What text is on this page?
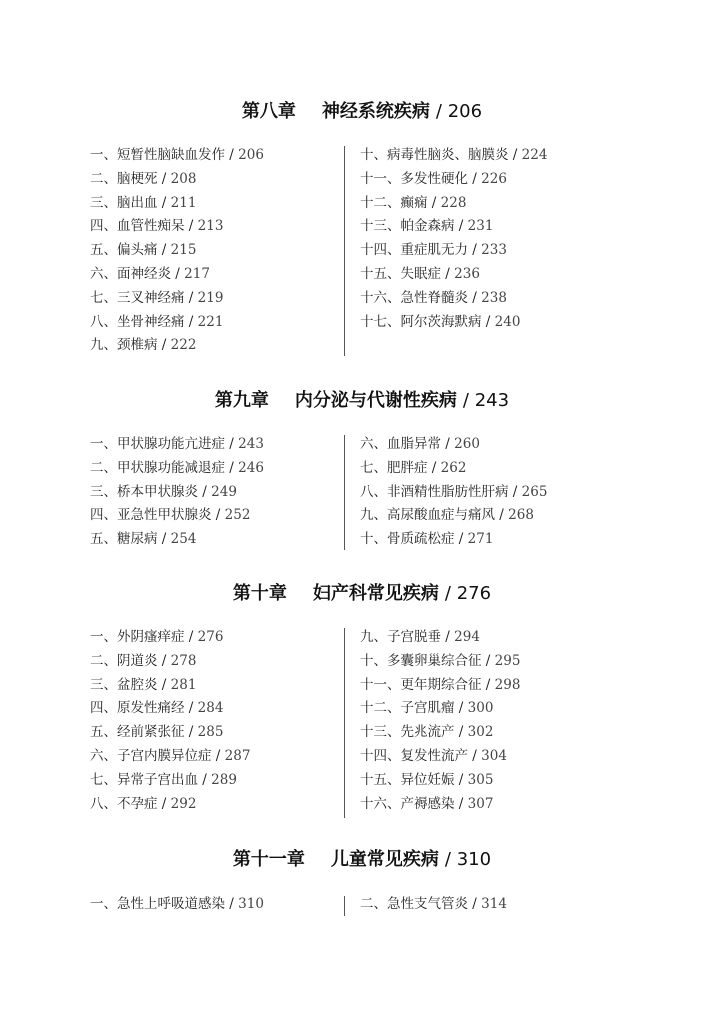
第八章 神经系统疾病 / 206
一、短暂性脑缺血发作 / 206
二、脑梗死 / 208
三、脑出血 / 211
四、血管性痴呆 / 213
五、偏头痛 / 215
六、面神经炎 / 217
七、三叉神经痛 / 219
八、坐骨神经痛 / 221
九、颈椎病 / 222
十、病毒性脑炎、脑膜炎 / 224
十一、多发性硬化 / 226
十二、癫痫 / 228
十三、帕金森病 / 231
十四、重症肌无力 / 233
十五、失眠症 / 236
十六、急性脊髓炎 / 238
十七、阿尔茨海默病 / 240
第九章 内分泌与代谢性疾病 / 243
一、甲状腺功能亢进症 / 243
二、甲状腺功能减退症 / 246
三、桥本甲状腺炎 / 249
四、亚急性甲状腺炎 / 252
五、糖尿病 / 254
六、血脂异常 / 260
七、肥胖症 / 262
八、非酒精性脂肪性肝病 / 265
九、高尿酸血症与痛风 / 268
十、骨质疏松症 / 271
第十章 妇产科常见疾病 / 276
一、外阴瘙痒症 / 276
二、阴道炎 / 278
三、盆腔炎 / 281
四、原发性痛经 / 284
五、经前紧张征 / 285
六、子宫内膜异位症 / 287
七、异常子宫出血 / 289
八、不孕症 / 292
九、子宫脱垂 / 294
十、多囊卵巢综合征 / 295
十一、更年期综合征 / 298
十二、子宫肌瘤 / 300
十三、先兆流产 / 302
十四、复发性流产 / 304
十五、异位妊娠 / 305
十六、产褥感染 / 307
第十一章 儿童常见疾病 / 310
一、急性上呼吸道感染 / 310	二、急性支气管炎 / 314
